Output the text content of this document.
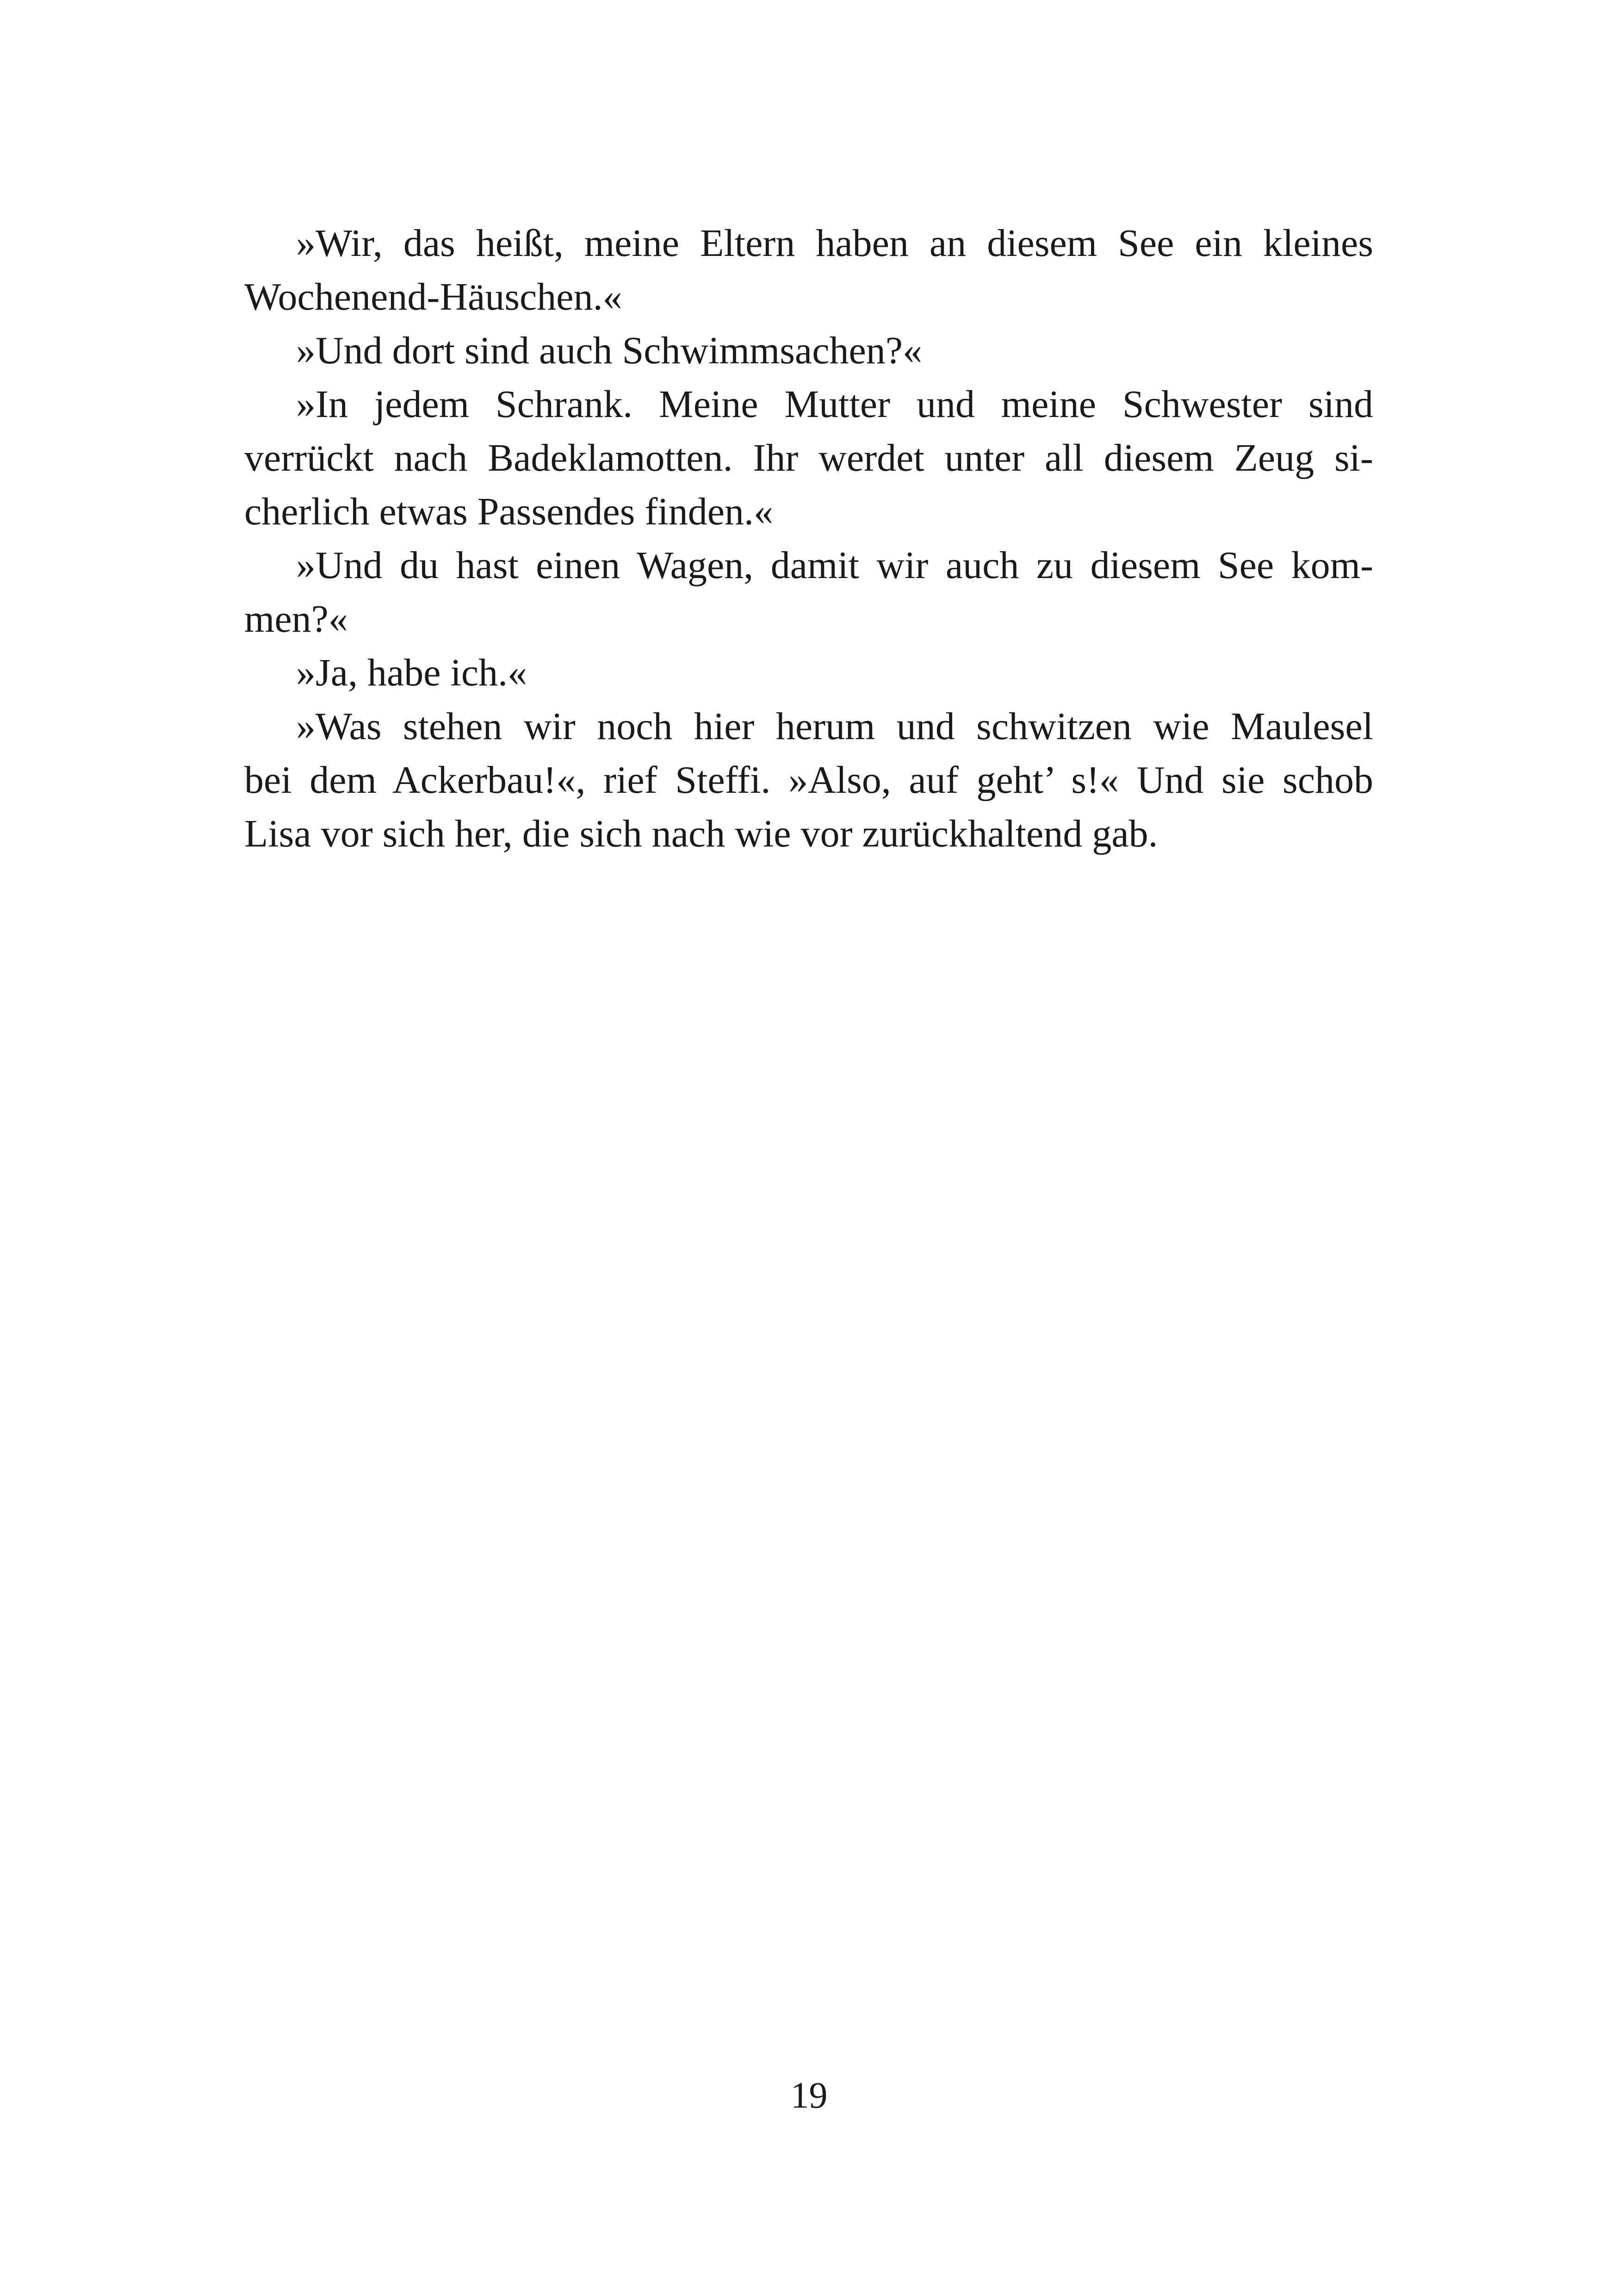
»Wir, das heißt, meine Eltern haben an diesem See ein kleines
Wochenend-Häuschen.«
»Und dort sind auch Schwimmsachen?«
»In jedem Schrank. Meine Mutter und meine Schwester sind
verrückt nach Badeklamotten. Ihr werdet unter all diesem Zeug si-
cherlich etwas Passendes finden.«
»Und du hast einen Wagen, damit wir auch zu diesem See kom-
men?«
»Ja, habe ich.«
»Was stehen wir noch hier herum und schwitzen wie Maulesel
bei dem Ackerbau!«, rief Steffi. »Also, auf geht’ s!« Und sie schob
Lisa vor sich her, die sich nach wie vor zurückhaltend gab.
19
